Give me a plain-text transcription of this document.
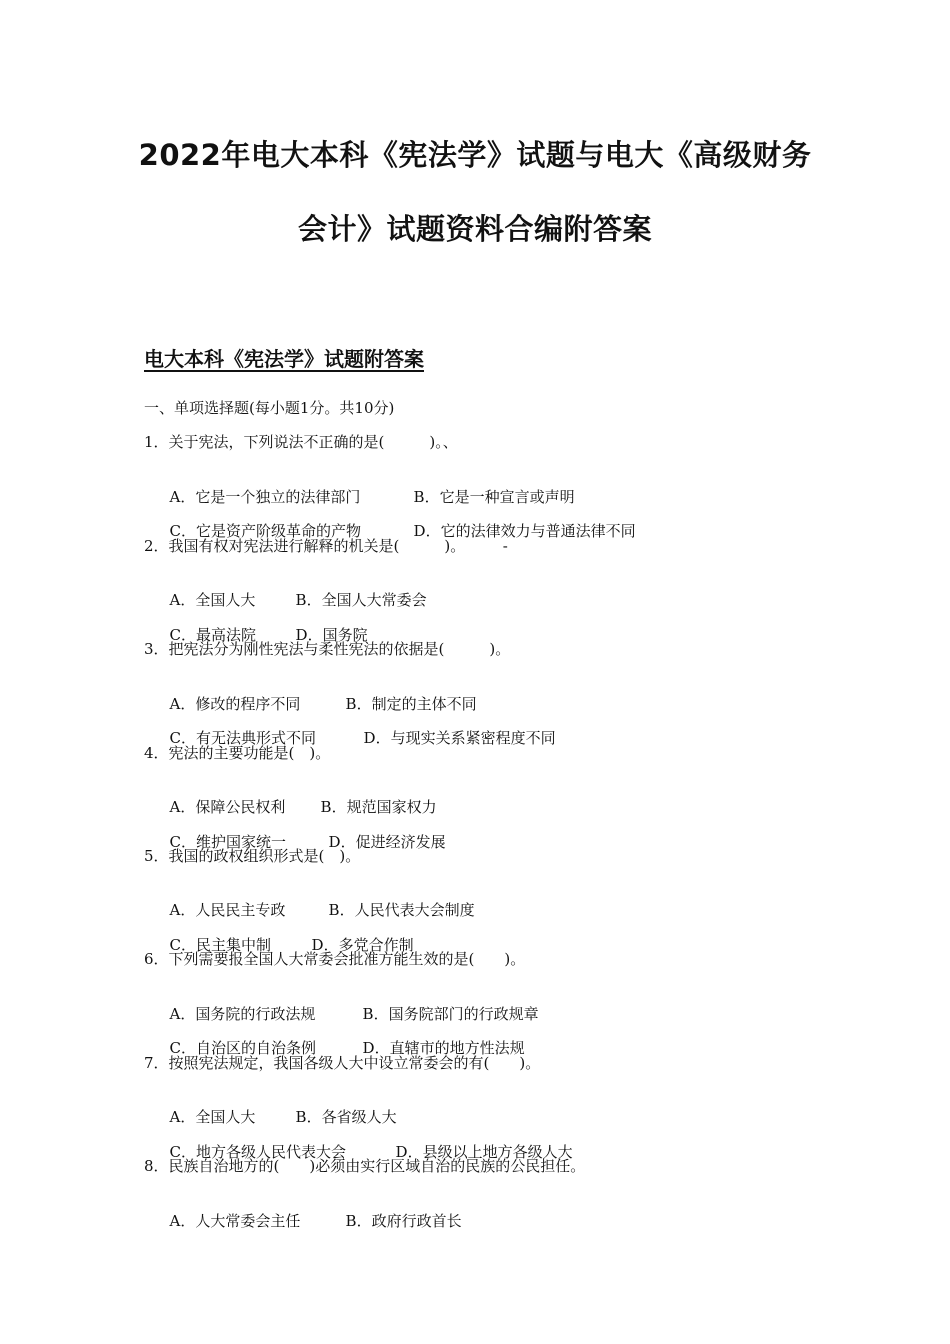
2022年电大本科《宪法学》试题与电大《高级财务
会计》试题资料合编附答案
电大本科《宪法学》试题附答案
一、单项选择题(每小题1分。共10分)
1．关于宪法，下列说法不正确的是(　　　)。、

A．它是一个独立的法律部门	B．它是一种宣言或声明

C．它是资产阶级革命的产物	D．它的法律效力与普通法律不同

2．我国有权对宪法进行解释的机关是(　　　)。　　　-

A．全国人大	B．全国人大常委会

C．最高法院	D．国务院

3．把宪法分为刚性宪法与柔性宪法的依据是(　　　)。

A．修改的程序不同	B．制定的主体不同

C．有无法典形式不同	D．与现实关系紧密程度不同

4．宪法的主要功能是(　)。

A．保障公民权利 B．规范国家权力

C．维护国家统一	D．促进经济发展

5．我国的政权组织形式是(　)。

A．人民民主专政	B．人民代表大会制度

C．民主集中制	D．多党合作制

6．下列需要报全国人大常委会批准方能生效的是(　　)。

A．国务院的行政法规	B．国务院部门的行政规章

C．自治区的自治条例	D．直辖市的地方性法规

7．按照宪法规定，我国各级人大中设立常委会的有(　　)。

A．全国人大	B．各省级人大

C．地方各级人民代表大会	D．县级以上地方各级人大

8．民族自治地方的(　　)必须由实行区域自治的民族的公民担任。

A．人大常委会主任	B．政府行政首长
